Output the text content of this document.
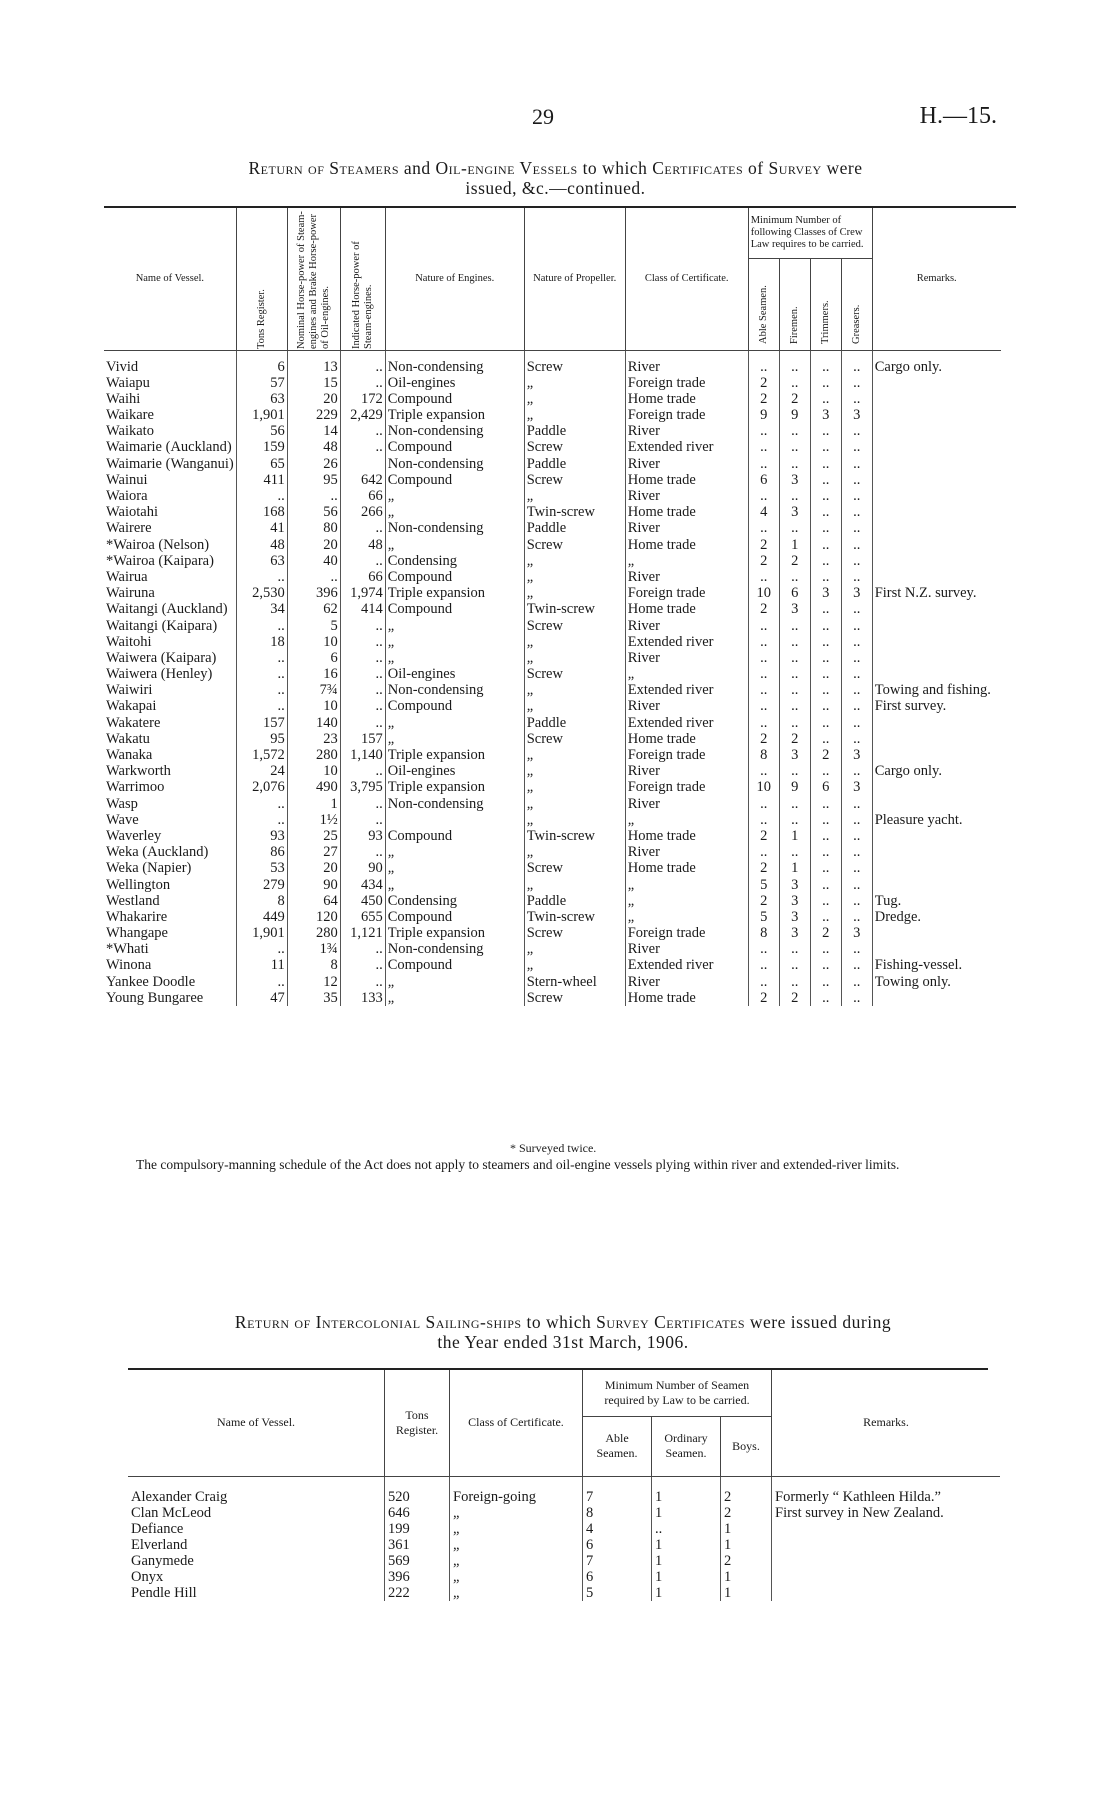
29	H.—15.
Return of Steamers and Oil-engine Vessels to which Certificates of Survey were
issued, &c.—continued.
Name of Vessel.	Tons Register.	Nominal Horse-power of Steam-engines and Brake Horse-power of Oil-engines.	Indicated Horse-power of Steam-engines.	Nature of Engines.	Nature of Propeller.	Class of Certificate.	Minimum Number of following Classes of Crew Law requires to be carried.				Remarks.

							Able Seamen.	Firemen.	Trimmers.	Greasers.	

Vivid	6	13	..	Non-condensing	Screw	River	..	..	..	..	Cargo only.
Waiapu	57	15	..	Oil-engines	„	Foreign trade	2	..	..	..	
Waihi	63	20	172	Compound	„	Home trade	2	2	..	..	
Waikare	1,901	229	2,429	Triple expansion	„	Foreign trade	9	9	3	3	
Waikato	56	14	..	Non-condensing	Paddle	River	..	..	..	..	
Waimarie (Auckland)	159	48	..	Compound	Screw	Extended river	..	..	..	..	
Waimarie (Wanganui)	65	26		Non-condensing	Paddle	River	..	..	..	..	
Wainui	411	95	642	Compound	Screw	Home trade	6	3	..	..	
Waiora	..	..	66	„	„	River	..	..	..	..	
Waiotahi	168	56	266	„	Twin-screw	Home trade	4	3	..	..	
Wairere	41	80	..	Non-condensing	Paddle	River	..	..	..	..	
*Wairoa (Nelson)	48	20	48	„	Screw	Home trade	2	1	..	..	
*Wairoa (Kaipara)	63	40	..	Condensing	„	„	2	2	..	..	
Wairua	..	..	66	Compound	„	River	..	..	..	..	
Wairuna	2,530	396	1,974	Triple expansion	„	Foreign trade	10	6	3	3	First N.Z. survey.
Waitangi (Auckland)	34	62	414	Compound	Twin-screw	Home trade	2	3	..	..	
Waitangi (Kaipara)	..	5	..	„	Screw	River	..	..	..	..	
Waitohi	18	10	..	„	„	Extended river	..	..	..	..	
Waiwera (Kaipara)	..	6	..	„	„	River	..	..	..	..	
Waiwera (Henley)	..	16	..	Oil-engines	Screw	„	..	..	..	..	
Waiwiri	..	7¾	..	Non-condensing	„	Extended river	..	..	..	..	Towing and fishing.
Wakapai	..	10	..	Compound	„	River	..	..	..	..	First survey.
Wakatere	157	140	..	„	Paddle	Extended river	..	..	..	..	
Wakatu	95	23	157	„	Screw	Home trade	2	2	..	..	
Wanaka	1,572	280	1,140	Triple expansion	„	Foreign trade	8	3	2	3	
Warkworth	24	10	..	Oil-engines	„	River	..	..	..	..	Cargo only.
Warrimoo	2,076	490	3,795	Triple expansion	„	Foreign trade	10	9	6	3	
Wasp	..	1	..	Non-condensing	„	River	..	..	..	..	
Wave	..	1½	..		„	„	..	..	..	..	Pleasure yacht.
Waverley	93	25	93	Compound	Twin-screw	Home trade	2	1	..	..	
Weka (Auckland)	86	27	..	„	„	River	..	..	..	..	
Weka (Napier)	53	20	90	„	Screw	Home trade	2	1	..	..	
Wellington	279	90	434	„	„	„	5	3	..	..	
Westland	8	64	450	Condensing	Paddle	„	2	3	..	..	Tug.
Whakarire	449	120	655	Compound	Twin-screw	„	5	3	..	..	Dredge.
Whangape	1,901	280	1,121	Triple expansion	Screw	Foreign trade	8	3	2	3	
*Whati	..	1¾	..	Non-condensing	„	River	..	..	..	..	
Winona	11	8	..	Compound	„	Extended river	..	..	..	..	Fishing-vessel.
Yankee Doodle	..	12	..	„	Stern-wheel	River	..	..	..	..	Towing only.
Young Bungaree	47	35	133	„	Screw	Home trade	2	2	..	..	
* Surveyed twice.
The compulsory-manning schedule of the Act does not apply to steamers and oil-engine vessels plying within river and extended-river limits.
Return of Intercolonial Sailing-ships to which Survey Certificates were issued during
the Year ended 31st March, 1906.
Name of Vessel.	Tons Register.	Class of Certificate.	Minimum Number of Seamen required by Law to be carried.			Remarks.
			Able Seamen.	Ordinary Seamen.	Boys.	
Alexander Craig	520	Foreign-going	7	1	2	Formerly “ Kathleen Hilda.”
Clan McLeod	646	„	8	1	2	First survey in New Zealand.
Defiance	199	„	4	..	1	
Elverland	361	„	6	1	1	
Ganymede	569	„	7	1	2	
Onyx	396	„	6	1	1	
Pendle Hill	222	„	5	1	1	
